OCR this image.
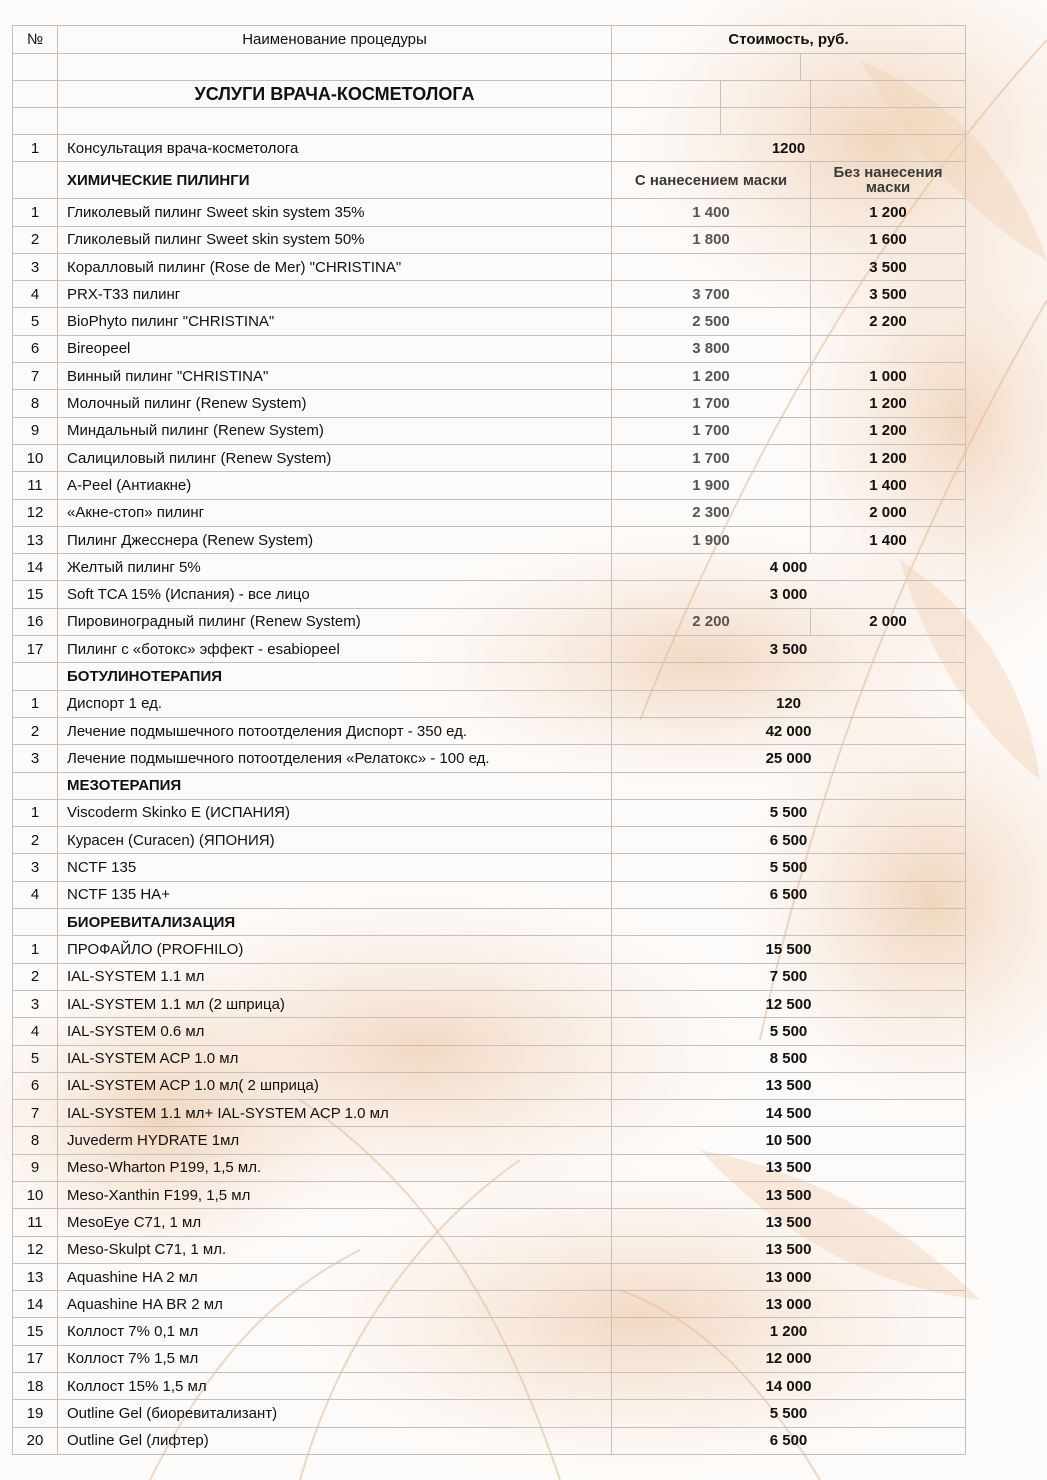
№	Наименование процедуры	Стоимость, руб.			

	УСЛУГИ ВРАЧА-КОСМЕТОЛОГА				

1	Консультация врача-косметолога	1200			
	ХИМИЧЕСКИЕ ПИЛИНГИ	С нанесением маски			Без нанесения
маски
1	Гликолевый пилинг Sweet skin system 35%	1 400			1 200
2	Гликолевый пилинг Sweet skin system 50%	1 800			1 600
3	Коралловый пилинг (Rose de Mer) "CHRISTINA"				3 500
4	PRX-T33 пилинг	3 700			3 500
5	BioPhyto пилинг "CHRISTINA"	2 500			2 200
6	Bireopeel	3 800			
7	Винный пилинг "CHRISTINA"	1 200			1 000
8	Молочный пилинг (Renew System)	1 700			1 200
9	Миндальный пилинг (Renew System)	1 700			1 200
10	Салициловый пилинг (Renew System)	1 700			1 200
11	A-Peel (Антиакне)	1 900			1 400
12	«Акне-стоп» пилинг	2 300			2 000
13	Пилинг Джесснера (Renew System)	1 900			1 400
14	Желтый пилинг 5%	4 000			
15	Soft TCA 15% (Испания) - все лицо	3 000			
16	Пировиноградный пилинг (Renew System)	2 200			2 000
17	Пилинг с «ботокс» эффект - esabiopeel	3 500			
	БОТУЛИНОТЕРАПИЯ				
1	Диспорт 1 ед.	120			
2	Лечение подмышечного потоотделения Диспорт - 350 ед.	42 000			
3	Лечение подмышечного потоотделения «Релатокс» - 100 ед.	25 000			
	МЕЗОТЕРАПИЯ				
1	Viscoderm Skinko E (ИСПАНИЯ)	5 500			
2	Курасен (Curacen) (ЯПОНИЯ)	6 500			
3	NCTF 135	5 500			
4	NCTF 135 HA+	6 500			
	БИОРЕВИТАЛИЗАЦИЯ				
1	ПРОФАЙЛО (PROFHILO)	15 500			
2	IAL-SYSTEM 1.1 мл	7 500			
3	IAL-SYSTEM 1.1 мл (2 шприца)	12 500			
4	IAL-SYSTEM 0.6 мл	5 500			
5	IAL-SYSTEM ACP 1.0 мл	8 500			
6	IAL-SYSTEM ACP 1.0 мл( 2 шприца)	13 500			
7	IAL-SYSTEM 1.1 мл+ IAL-SYSTEM ACP 1.0 мл	14 500			
8	Juvederm HYDRATE 1мл	10 500			
9	Meso-Wharton P199, 1,5 мл.	13 500			
10	Meso-Xanthin F199, 1,5 мл	13 500			
11	MesoEye C71, 1 мл	13 500			
12	Meso-Skulpt C71, 1 мл.	13 500			
13	Aquashine HA 2 мл	13 000			
14	Aquashine HA BR 2 мл	13 000			
15	Коллост 7% 0,1 мл	1 200			
17	Коллост 7% 1,5 мл	12 000			
18	Коллост 15% 1,5 мл	14 000			
19	Outline Gel (биоревитализант)	5 500			
20	Outline Gel (лифтер)	6 500			
